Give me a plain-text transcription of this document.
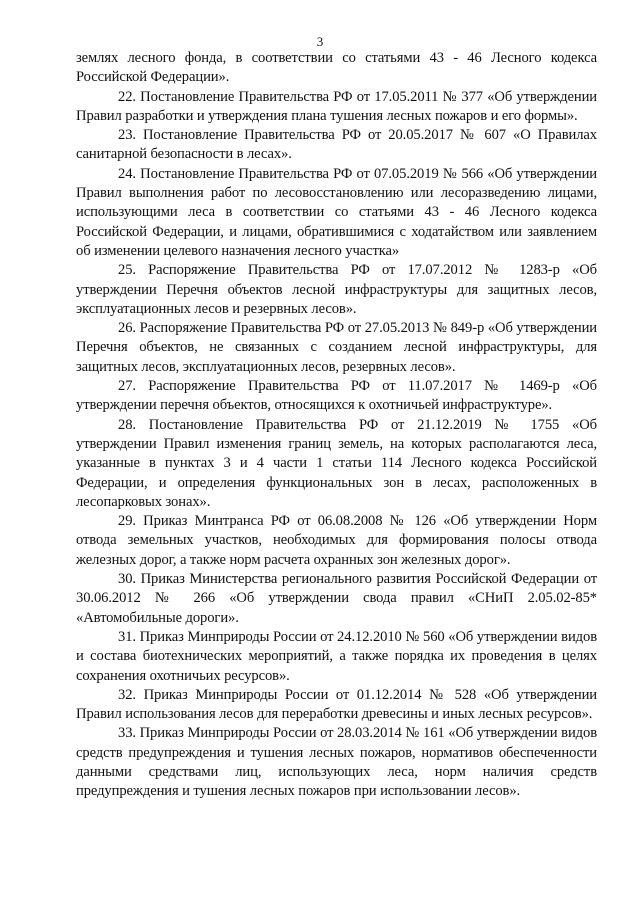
3

землях лесного фонда, в соответствии со статьями 43 - 46 Лесного кодекса Российской Федерации».

22. Постановление Правительства РФ от 17.05.2011 № 377 «Об утверждении Правил разработки и утверждения плана тушения лесных пожаров и его формы».

23. Постановление Правительства РФ от 20.05.2017 № 607 «О Правилах санитарной безопасности в лесах».

24. Постановление Правительства РФ от 07.05.2019 № 566 «Об утверждении Правил выполнения работ по лесовосстановлению или лесоразведению лицами, использующими леса в соответствии со статьями 43 - 46 Лесного кодекса Российской Федерации, и лицами, обратившимися с ходатайством или заявлением об изменении целевого назначения лесного участка»

25. Распоряжение Правительства РФ от 17.07.2012 № 1283-р «Об утверждении Перечня объектов лесной инфраструктуры для защитных лесов, эксплуатационных лесов и резервных лесов».

26. Распоряжение Правительства РФ от 27.05.2013 № 849-р «Об утверждении Перечня объектов, не связанных с созданием лесной инфраструктуры, для защитных лесов, эксплуатационных лесов, резервных лесов».

27. Распоряжение Правительства РФ от 11.07.2017 № 1469-р «Об утверждении перечня объектов, относящихся к охотничьей инфраструктуре».

28. Постановление Правительства РФ от 21.12.2019 № 1755 «Об утверждении Правил изменения границ земель, на которых располагаются леса, указанные в пунктах 3 и 4 части 1 статьи 114 Лесного кодекса Российской Федерации, и определения функциональных зон в лесах, расположенных в лесопарковых зонах».

29. Приказ Минтранса РФ от 06.08.2008 № 126 «Об утверждении Норм отвода земельных участков, необходимых для формирования полосы отвода железных дорог, а также норм расчета охранных зон железных дорог».

30. Приказ Министерства регионального развития Российской Федерации от 30.06.2012 № 266 «Об утверждении свода правил «СНиП 2.05.02-85* «Автомобильные дороги».

31. Приказ Минприроды России от 24.12.2010 № 560 «Об утверждении видов и состава биотехнических мероприятий, а также порядка их проведения в целях сохранения охотничьих ресурсов».

32. Приказ Минприроды России от 01.12.2014 № 528 «Об утверждении Правил использования лесов для переработки древесины и иных лесных ресурсов».

33. Приказ Минприроды России от 28.03.2014 № 161 «Об утверждении видов средств предупреждения и тушения лесных пожаров, нормативов обеспеченности данными средствами лиц, использующих леса, норм наличия средств предупреждения и тушения лесных пожаров при использовании лесов».
